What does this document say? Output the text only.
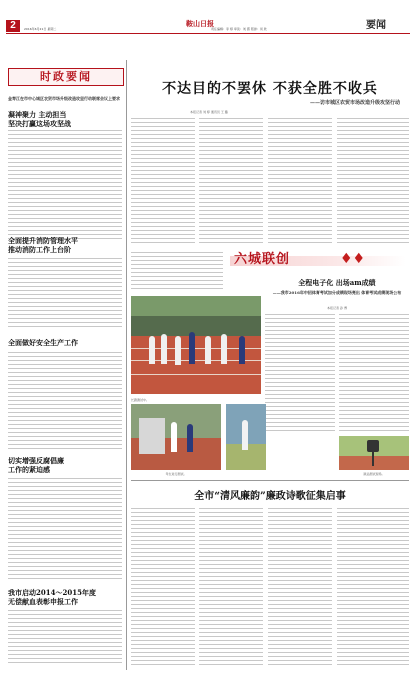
2	鞍山日报
2016年6月21日 星期二	责任编辑：李 婷 审读：刘 霞 照排：何 欣	要闻
时政要闻
金寿江在市中心城区农贸市场升级改造攻坚行动联席会议上要求
凝神聚力 主动担当
坚决打赢这场攻坚战
全面提升消防管理水平
推动消防工作上台阶
全面做好安全生产工作
切实增强反腐倡廉
工作的紧迫感
我市启动2014～2015年度
无偿献血表彰申报工作
不达目的不罢休 不获全胜不收兵
——访市城区农贸市场改造升级攻坚行动
本报记者 刘 婷 通讯员 王 璐
六城联创	♦♦
全程电子化 出场am成绩
——我市2016年中招体育考试加分成绩现场亮出 体育考试成绩现场公布
本报记者 孙 博
长跑测试中。
考生进行测试。	跳远测试现场。
全市“清风廉韵”廉政诗歌征集启事
